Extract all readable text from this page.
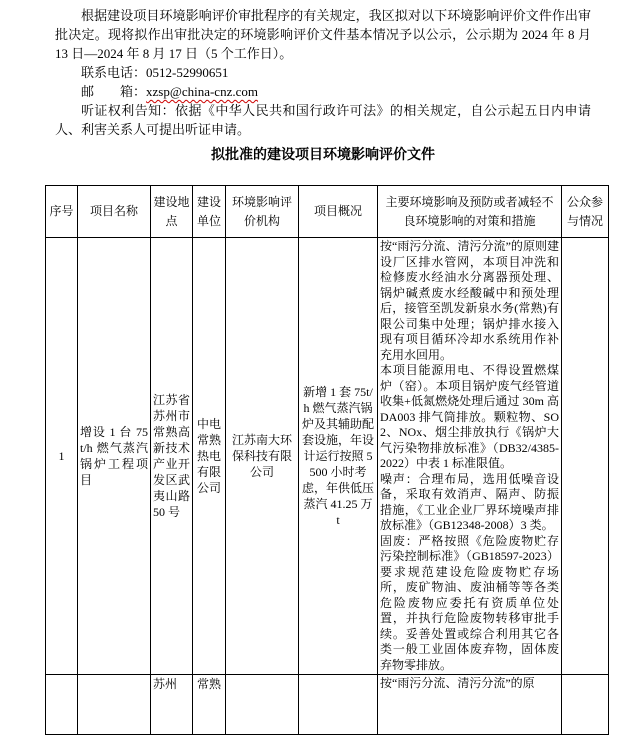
根据建设项目环境影响评价审批程序的有关规定，我区拟对以下环境影响评价文件作出审批决定。现将拟作出审批决定的环境影响评价文件基本情况予以公示，公示期为 2024 年 8 月 13 日—2024 年 8 月 17 日（5 个工作日）。

联系电话：0512-52990651

邮　　箱：xzsp@china-cnz.com

听证权利告知：依据《中华人民共和国行政许可法》的相关规定，自公示起五日内申请人、利害关系人可提出听证申请。

拟批准的建设项目环境影响评价文件

序号	项目名称	建设地点	建设单位	环境影响评价机构	项目概况	主要环境影响及预防或者减轻不良环境影响的对策和措施	公众参与情况
1	增设 1 台 75t/h 燃气蒸汽锅炉工程项目	江苏省苏州市常熟高新技术产业开发区武夷山路 50 号	中电常熟热电有限公司	江苏南大环保科技有限公司	新增 1 套 75t/h 燃气蒸汽锅炉及其辅助配套设施，年设计运行按照 5500 小时考虑，年供低压蒸汽 41.25 万 t	按“雨污分流、清污分流”的原则建设厂区排水管网，本项目冲洗和检修废水经油水分离器预处理、锅炉碱煮废水经酸碱中和预处理后，接管至凯发新泉水务(常熟)有限公司集中处理；锅炉排水接入现有项目循环冷却水系统用作补充用水回用。

本项目能源用电、不得设置燃煤炉（窑）。本项目锅炉废气经管道收集+低氮燃烧处理后通过 30m 高 DA003 排气筒排放。颗粒物、SO2、NOx、烟尘排放执行《锅炉大气污染物排放标准》（DB32/4385-2022）中表 1 标准限值。

噪声：合理布局，选用低噪音设备，采取有效消声、隔声、防振措施，《工业企业厂界环境噪声排放标准》（GB12348-2008）3 类。

固废：严格按照《危险废物贮存污染控制标准》（GB18597-2023）要求规范建设危险废物贮存场所，废矿物油、废油桶等等各类危险废物应委托有资质单位处置，并执行危险废物转移审批手续。妥善处置或综合利用其它各类一般工业固体废弃物，固体废弃物零排放。	

		苏州	常熟			按“雨污分流、清污分流”的原	
